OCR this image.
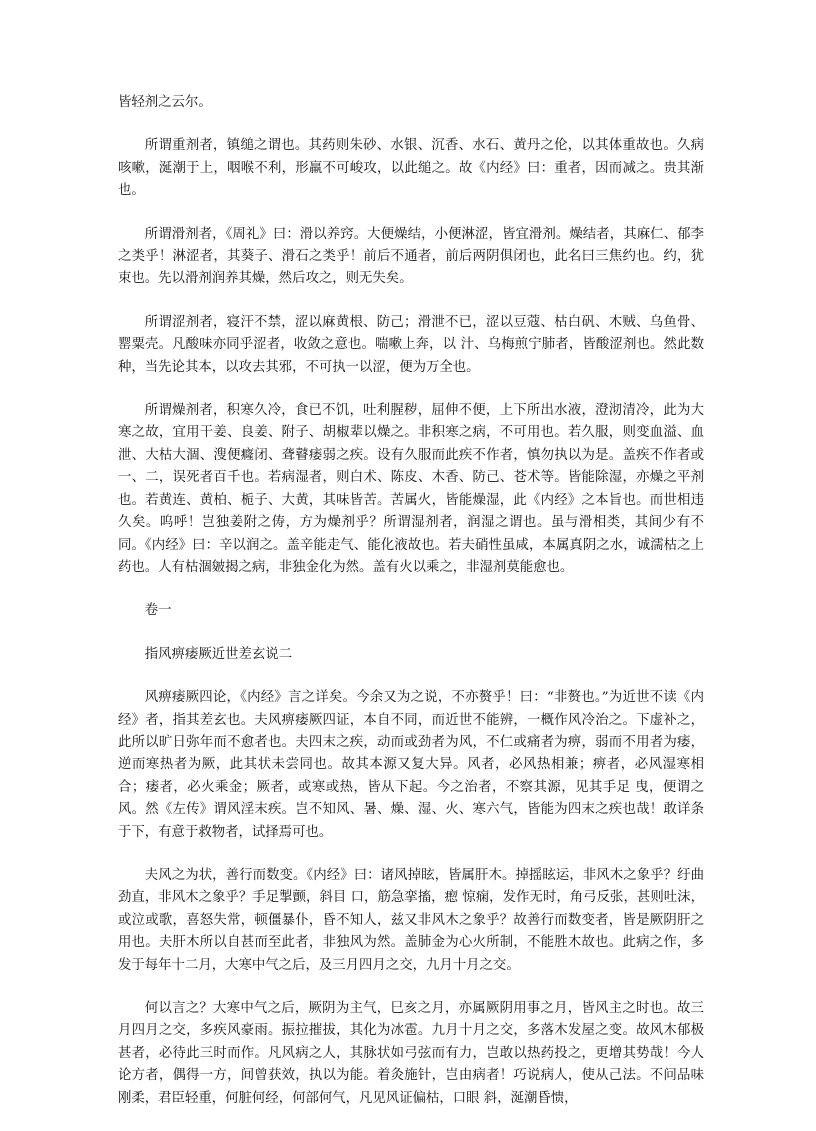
皆轻剂之云尔。

所谓重剂者，镇缒之谓也。其药则朱砂、水银、沉香、水石、黄丹之伦，以其体重故也。久病咳嗽，涎潮于上，咽喉不利，形羸不可峻攻，以此缒之。故《内经》曰：重者，因而减之。贵其渐也。

所谓滑剂者，《周礼》曰：滑以养窍。大便燥结，小便淋涩，皆宜滑剂。燥结者，其麻仁、郁李之类乎！淋涩者，其葵子、滑石之类乎！前后不通者，前后两阴俱闭也，此名曰三焦约也。约，犹束也。先以滑剂润养其燥，然后攻之，则无失矣。

所谓涩剂者，寝汗不禁，涩以麻黄根、防己；滑泄不已，涩以豆蔻、枯白矾、木贼、乌鱼骨、罂粟壳。凡酸味亦同乎涩者，收敛之意也。喘嗽上奔，以 汁、乌梅煎宁肺者，皆酸涩剂也。然此数种，当先论其本，以攻去其邪，不可执一以涩，便为万全也。

所谓燥剂者，积寒久冷，食已不饥，吐利腥秽，屈伸不便，上下所出水液，澄沏清冷，此为大寒之故，宜用干姜、良姜、附子、胡椒辈以燥之。非积寒之病，不可用也。若久服，则变血溢、血泄、大枯大涸、溲便癃闭、聋瞽痿弱之疾。设有久服而此疾不作者，慎勿执以为是。盖疾不作者或一、二，误死者百千也。若病湿者，则白术、陈皮、木香、防己、苍术等。皆能除湿，亦燥之平剂也。若黄连、黄柏、栀子、大黄，其味皆苦。苦属火，皆能燥湿，此《内经》之本旨也。而世相违久矣。呜呼！岂独姜附之俦，方为燥剂乎？所谓湿剂者，润湿之谓也。虽与滑相类，其间少有不同。《内经》曰：辛以润之。盖辛能走气、能化液故也。若夫硝性虽咸，本属真阴之水，诚濡枯之上药也。人有枯涸皴揭之病，非独金化为然。盖有火以乘之，非湿剂莫能愈也。

卷一

指风痹痿厥近世差玄说二

风痹痿厥四论，《内经》言之详矣。今余又为之说，不亦赘乎！曰：“非赘也。”为近世不读《内经》者，指其差玄也。夫风痹痿厥四证，本自不同，而近世不能辨，一概作风冷治之。下虚补之，此所以旷日弥年而不愈者也。夫四末之疾，动而或劲者为风，不仁或痛者为痹，弱而不用者为痿，逆而寒热者为厥，此其状未尝同也。故其本源又复大异。风者，必风热相兼；痹者，必风湿寒相合；痿者，必火乘金；厥者，或寒或热，皆从下起。今之治者，不察其源，见其手足 曳，便谓之风。然《左传》谓风淫末疾。岂不知风、暑、燥、湿、火、寒六气，皆能为四末之疾也哉！敢详条于下，有意于救物者，试择焉可也。

夫风之为状，善行而数变。《内经》曰：诸风掉眩，皆属肝木。掉摇眩运，非风木之象乎？纡曲劲直，非风木之象乎？手足掣颤，斜目 口，筋急挛搐，瘛 惊痫，发作无时，角弓反张，甚则吐沫，或泣或歌，喜怒失常，顿僵暴仆，昏不知人，兹又非风木之象乎？故善行而数变者，皆是厥阴肝之用也。夫肝木所以自甚而至此者，非独风为然。盖肺金为心火所制，不能胜木故也。此病之作，多发于每年十二月，大寒中气之后，及三月四月之交，九月十月之交。

何以言之？大寒中气之后，厥阴为主气，巳亥之月，亦属厥阴用事之月，皆风主之时也。故三月四月之交，多疾风豪雨。振拉摧拔，其化为冰雹。九月十月之交，多落木发屋之变。故风木郁极甚者，必待此三时而作。凡风病之人，其脉状如弓弦而有力，岂敢以热药投之，更增其势哉！今人论方者，偶得一方，间曾获效，执以为能。着灸施针，岂由病者！巧说病人，使从己法。不问品味刚柔，君臣轻重，何脏何经，何部何气，凡见风证偏枯，口眼 斜，涎潮昏愦，
